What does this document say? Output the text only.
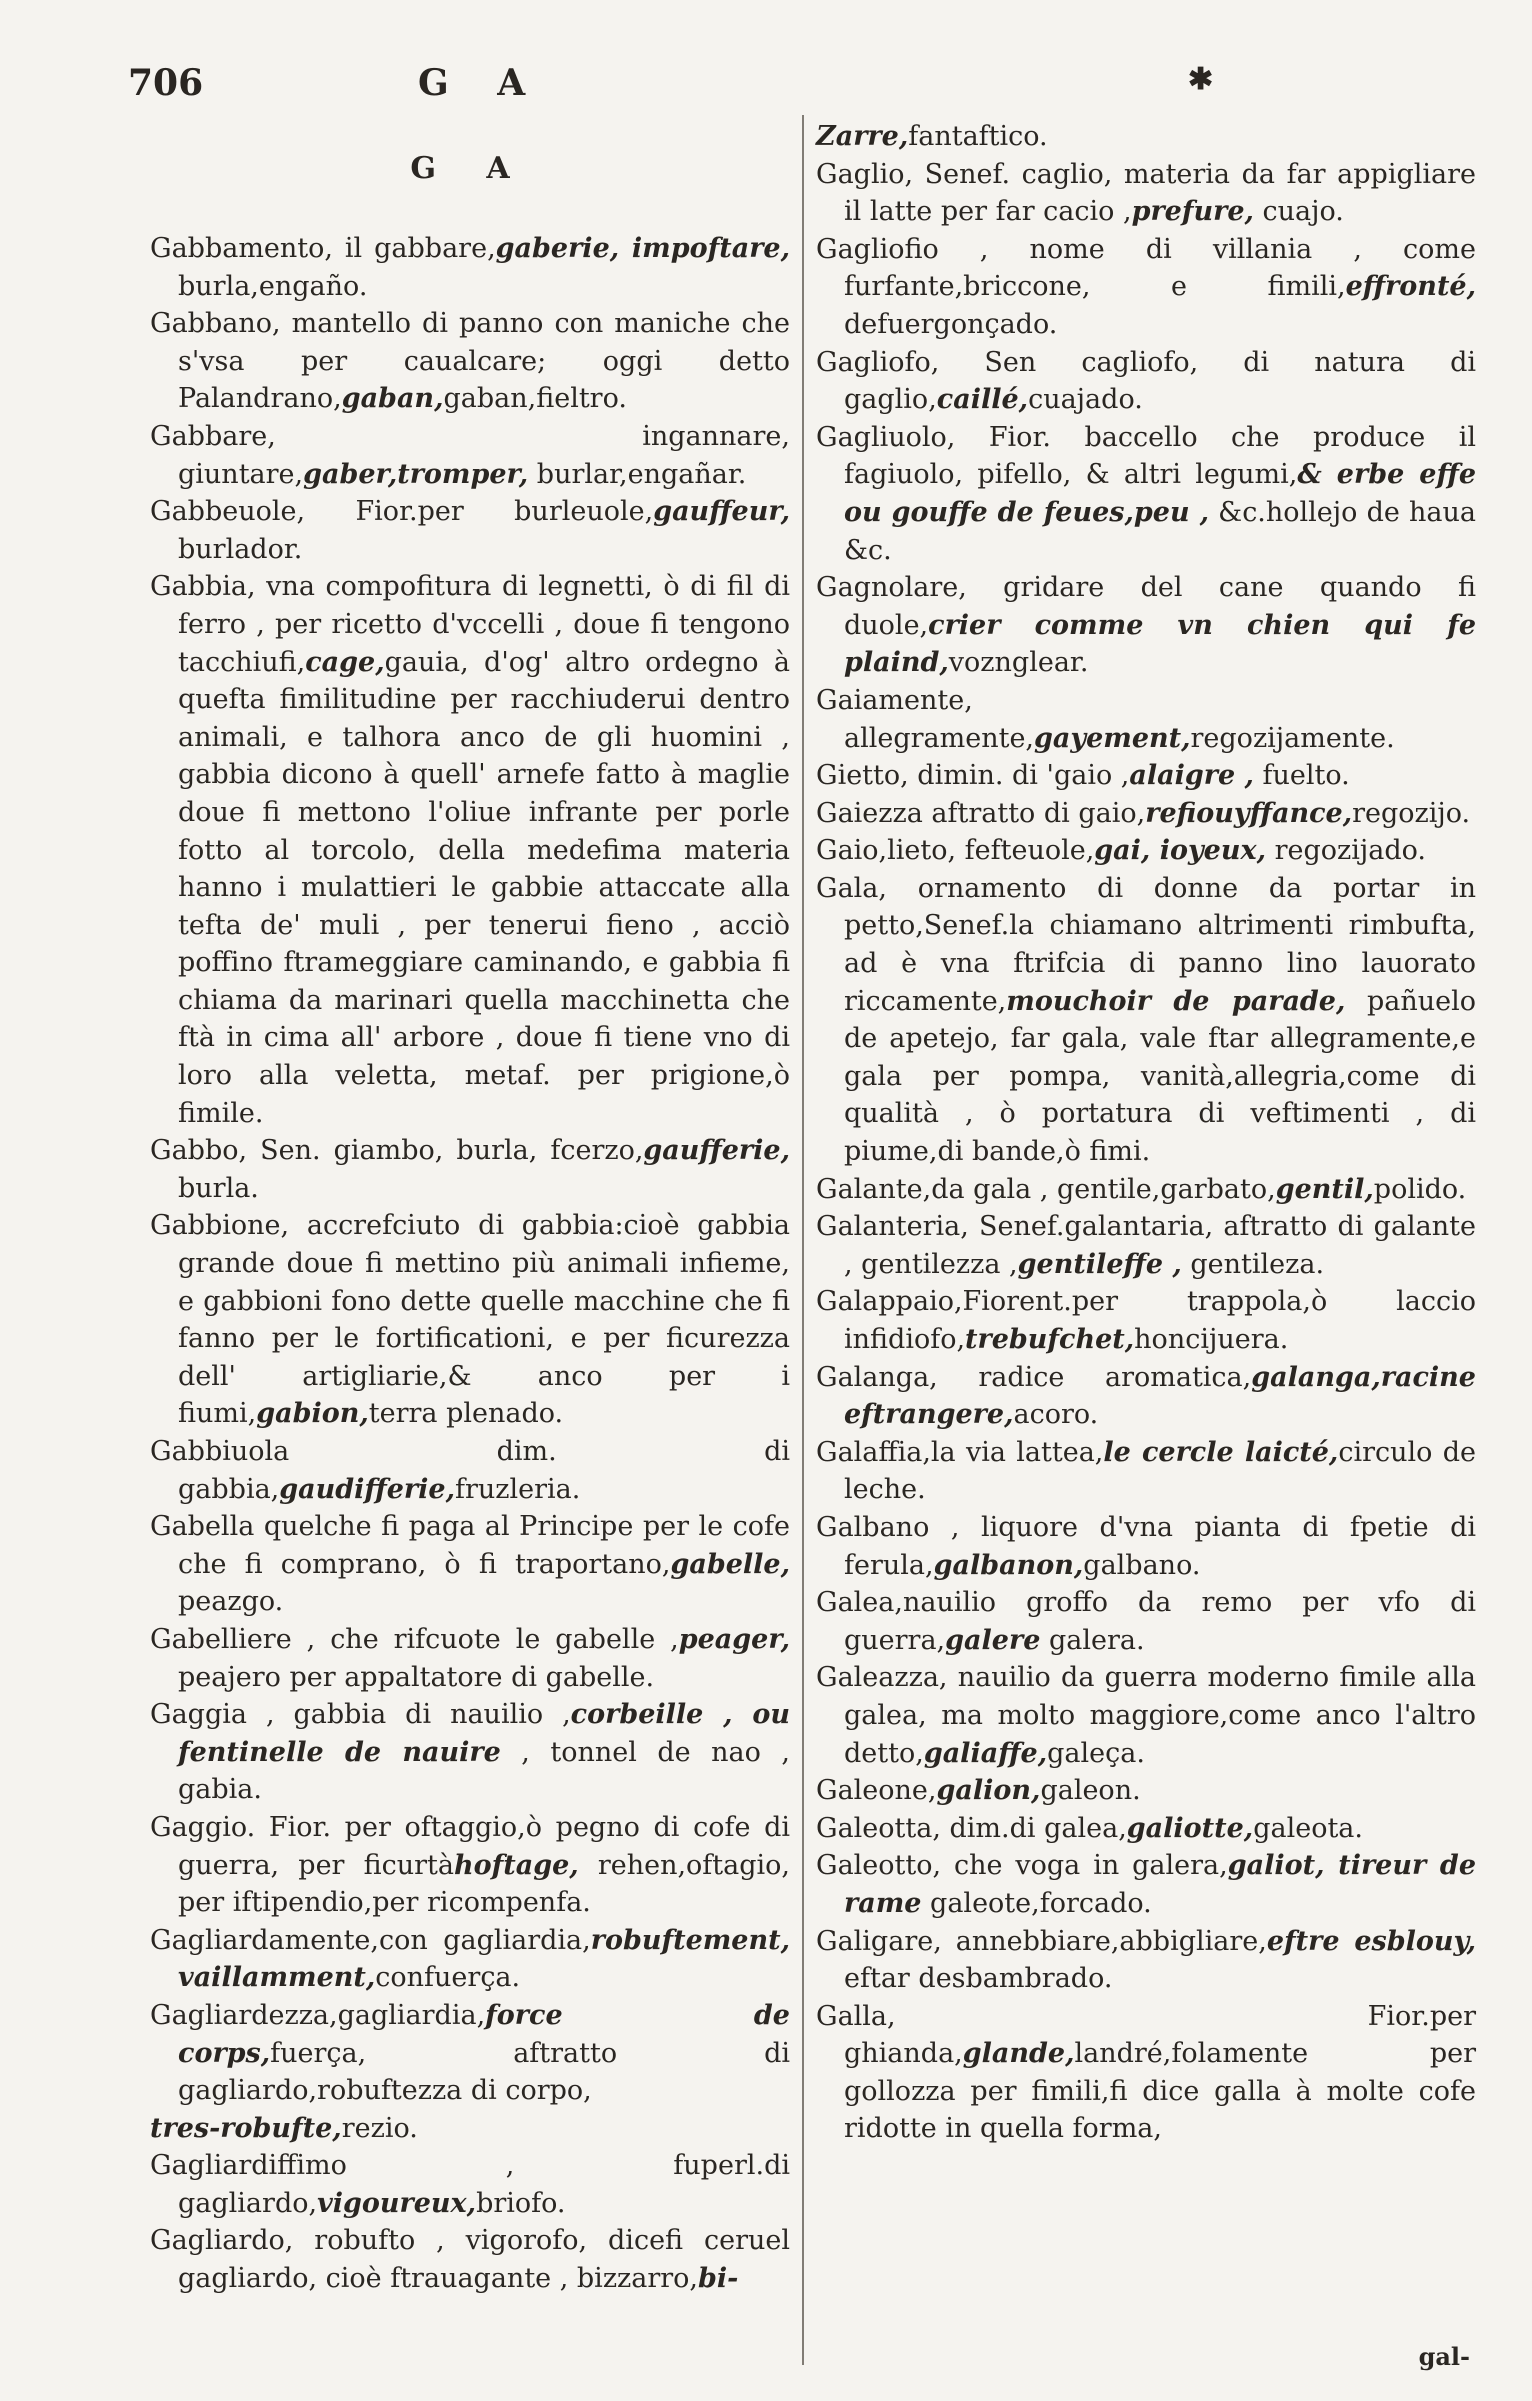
706	G A	✱
G A

Gabbamento, il gabbare,gaberie, impoftare, burla,engaño.

Gabbano, mantello di panno con maniche che s'vsa per caualcare; oggi detto Palandrano,gaban,gaban,fieltro.

Gabbare, ingannare, giuntare,gaber,tromper, burlar,engañar.

Gabbeuole, Fior.per burleuole,gauffeur, burlador.

Gabbia, vna compofitura di legnetti, ò di fil di ferro , per ricetto d'vccelli , doue fi tengono tacchiufi,cage,gauia, d'og' altro ordegno à quefta fimilitudine per racchiuderui dentro animali, e talhora anco de gli huomini , gabbia dicono à quell' arnefe fatto à maglie doue fi mettono l'oliue infrante per porle fotto al torcolo, della medefima materia hanno i mulattieri le gabbie attaccate alla tefta de' muli , per tenerui fieno , acciò poffino ftrameggiare caminando, e gabbia fi chiama da marinari quella macchinetta che ftà in cima all' arbore , doue fi tiene vno di loro alla veletta, metaf. per prigione,ò fimile.

Gabbo, Sen. giambo, burla, fcerzo,gaufferie, burla.

Gabbione, accrefciuto di gabbia:cioè gabbia grande doue fi mettino più animali infieme, e gabbioni fono dette quelle macchine che fi fanno per le fortificationi, e per ficurezza dell' artigliarie,& anco per i fiumi,gabion,terra plenado.

Gabbiuola dim. di gabbia,gaudifferie,fruzleria.

Gabella quelche fi paga al Principe per le cofe che fi comprano, ò fi traportano,gabelle, peazgo.

Gabelliere , che rifcuote le gabelle ,peager, peajero per appaltatore di gabelle.

Gaggia , gabbia di nauilio ,corbeille , ou fentinelle de nauire , tonnel de nao , gabia.

Gaggio. Fior. per oftaggio,ò pegno di cofe di guerra, per ficurtàhoftage, rehen,oftagio, per iftipendio,per ricompenfa.

Gagliardamente,con gagliardia,robuftement, vaillamment,confuerça.

Gagliardezza,gagliardia,force de corps,fuerça, aftratto di gagliardo,robuftezza di corpo,

tres-robufte,rezio.

Gagliardiffimo , fuperl.di gagliardo,vigoureux,briofo.

Gagliardo, robufto , vigorofo, dicefi ceruel gagliardo, cioè ftrauagante , bizzarro,bi-

Zarre,fantaftico.

Gaglio, Senef. caglio, materia da far appigliare il latte per far cacio ,prefure, cuajo.

Gagliofio , nome di villania , come furfante,briccone, e fimili,effronté, defuergonçado.

Gagliofo, Sen cagliofo, di natura di gaglio,caillé,cuajado.

Gagliuolo, Fior. baccello che produce il fagiuolo, pifello, & altri legumi,& erbe effe ou gouffe de feues,peu , &c.hollejo de haua &c.

Gagnolare, gridare del cane quando fi duole,crier comme vn chien qui fe plaind,voznglear.

Gaiamente, allegramente,gayement,regozijamente.

Gietto, dimin. di 'gaio ,alaigre , fuelto.

Gaiezza aftratto di gaio,refiouyffance,regozijo.

Gaio,lieto, fefteuole,gai, ioyeux, regozijado.

Gala, ornamento di donne da portar in petto,Senef.la chiamano altrimenti rimbufta, ad è vna ftrifcia di panno lino lauorato riccamente,mouchoir de parade, pañuelo de apetejo, far gala, vale ftar allegramente,e gala per pompa, vanità,allegria,come di qualità , ò portatura di veftimenti , di piume,di bande,ò fimi.

Galante,da gala , gentile,garbato,gentil,polido.

Galanteria, Senef.galantaria, aftratto di galante , gentilezza ,gentileffe , gentileza.

Galappaio,Fiorent.per trappola,ò laccio infidiofo,trebufchet,honcijuera.

Galanga, radice aromatica,galanga,racine eftrangere,acoro.

Galaffia,la via lattea,le cercle laicté,circulo de leche.

Galbano , liquore d'vna pianta di fpetie di ferula,galbanon,galbano.

Galea,nauilio groffo da remo per vfo di guerra,galere galera.

Galeazza, nauilio da guerra moderno fimile alla galea, ma molto maggiore,come anco l'altro detto,galiaffe,galeça.

Galeone,galion,galeon.

Galeotta, dim.di galea,galiotte,galeota.

Galeotto, che voga in galera,galiot, tireur de rame galeote,forcado.

Galigare, annebbiare,abbigliare,eftre esblouy, eftar desbambrado.

Galla, Fior.per ghianda,glande,landré,folamente per gollozza per fimili,fi dice galla à molte cofe ridotte in quella forma,

gal-
